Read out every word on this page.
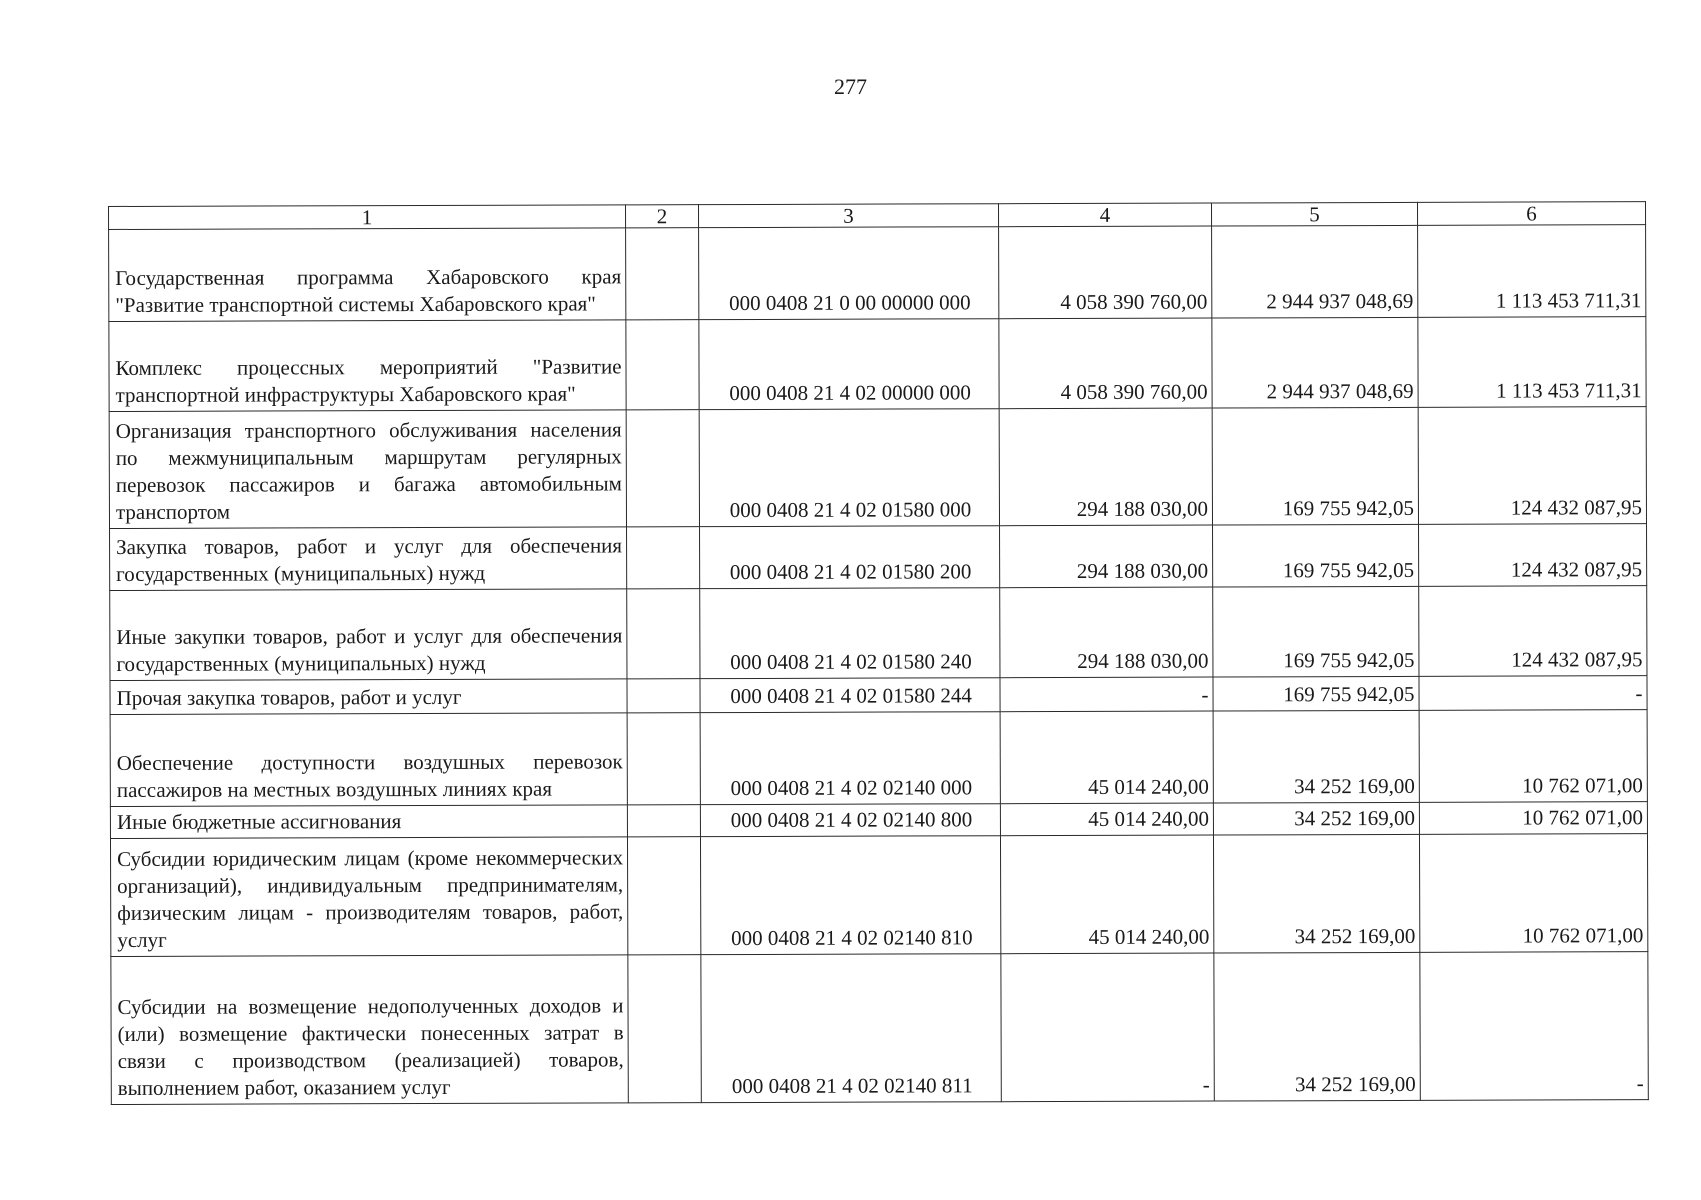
277
1	2	3	4	5	6
Государственная программа Хабаровского края "Развитие транспортной системы Хабаровского края"		000 0408 21 0 00 00000 000	4 058 390 760,00	2 944 937 048,69	1 113 453 711,31
Комплекс процессных мероприятий "Развитие транспортной инфраструктуры Хабаровского края"		000 0408 21 4 02 00000 000	4 058 390 760,00	2 944 937 048,69	1 113 453 711,31
Организация транспортного обслуживания населения по межмуниципальным маршрутам регулярных перевозок пассажиров и багажа автомобильным транспортом		000 0408 21 4 02 01580 000	294 188 030,00	169 755 942,05	124 432 087,95
Закупка товаров, работ и услуг для обеспечения государственных (муниципальных) нужд		000 0408 21 4 02 01580 200	294 188 030,00	169 755 942,05	124 432 087,95
Иные закупки товаров, работ и услуг для обеспечения государственных (муниципальных) нужд		000 0408 21 4 02 01580 240	294 188 030,00	169 755 942,05	124 432 087,95
Прочая закупка товаров, работ и услуг		000 0408 21 4 02 01580 244	-	169 755 942,05	-
Обеспечение доступности воздушных перевозок пассажиров на местных воздушных линиях края		000 0408 21 4 02 02140 000	45 014 240,00	34 252 169,00	10 762 071,00
Иные бюджетные ассигнования		000 0408 21 4 02 02140 800	45 014 240,00	34 252 169,00	10 762 071,00
Субсидии юридическим лицам (кроме некоммерческих организаций), индивидуальным предпринимателям, физическим лицам - производителям товаров, работ, услуг		000 0408 21 4 02 02140 810	45 014 240,00	34 252 169,00	10 762 071,00
Субсидии на возмещение недополученных доходов и (или) возмещение фактически понесенных затрат в связи с производством (реализацией) товаров, выполнением работ, оказанием услуг		000 0408 21 4 02 02140 811	-	34 252 169,00	-
